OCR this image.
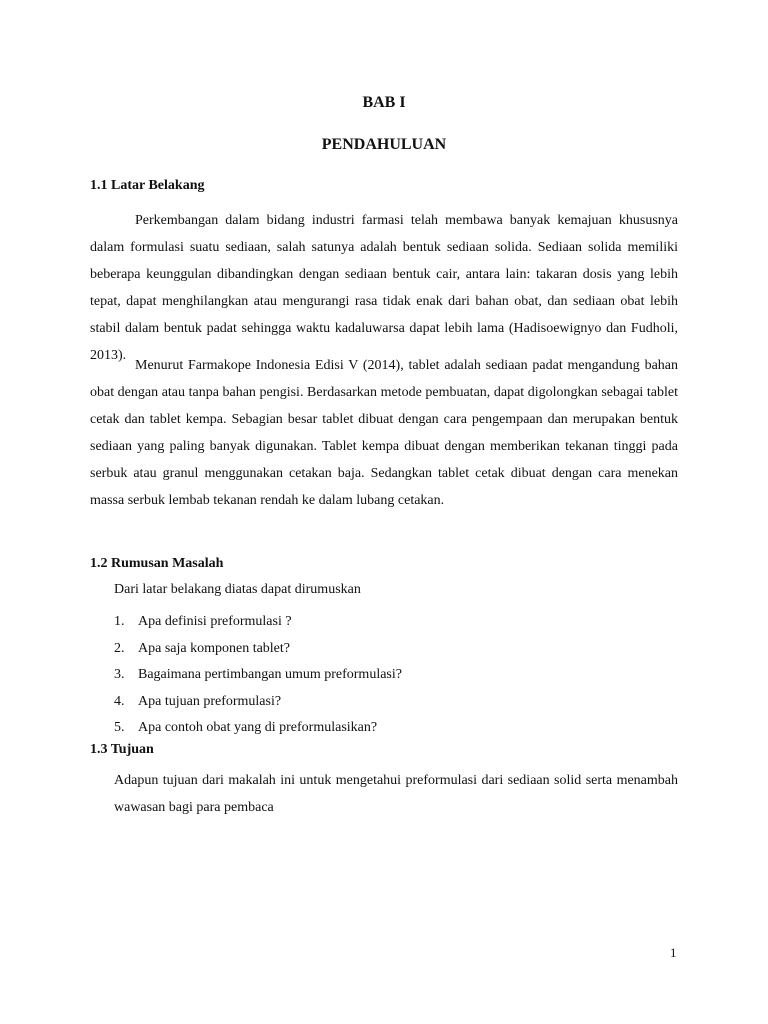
BAB I

PENDAHULUAN

1.1 Latar Belakang

Perkembangan dalam bidang industri farmasi telah membawa banyak kemajuan khususnya dalam formulasi suatu sediaan, salah satunya adalah bentuk sediaan solida. Sediaan solida memiliki beberapa keunggulan dibandingkan dengan sediaan bentuk cair, antara lain: takaran dosis yang lebih tepat, dapat menghilangkan atau mengurangi rasa tidak enak dari bahan obat, dan sediaan obat lebih stabil dalam bentuk padat sehingga waktu kadaluwarsa dapat lebih lama (Hadisoewignyo dan Fudholi, 2013).

Menurut Farmakope Indonesia Edisi V (2014), tablet adalah sediaan padat mengandung bahan obat dengan atau tanpa bahan pengisi. Berdasarkan metode pembuatan, dapat digolongkan sebagai tablet cetak dan tablet kempa. Sebagian besar tablet dibuat dengan cara pengempaan dan merupakan bentuk sediaan yang paling banyak digunakan. Tablet kempa dibuat dengan memberikan tekanan tinggi pada serbuk atau granul menggunakan cetakan baja. Sedangkan tablet cetak dibuat dengan cara menekan massa serbuk lembab tekanan rendah ke dalam lubang cetakan.

1.2 Rumusan Masalah

Dari latar belakang diatas dapat dirumuskan

1. Apa definisi preformulasi ?
2. Apa saja komponen tablet?
3. Bagaimana pertimbangan umum preformulasi?
4. Apa tujuan preformulasi?
5. Apa contoh obat yang di preformulasikan?

1.3 Tujuan

Adapun tujuan dari makalah ini untuk mengetahui preformulasi dari sediaan solid serta menambah wawasan bagi para pembaca

1
